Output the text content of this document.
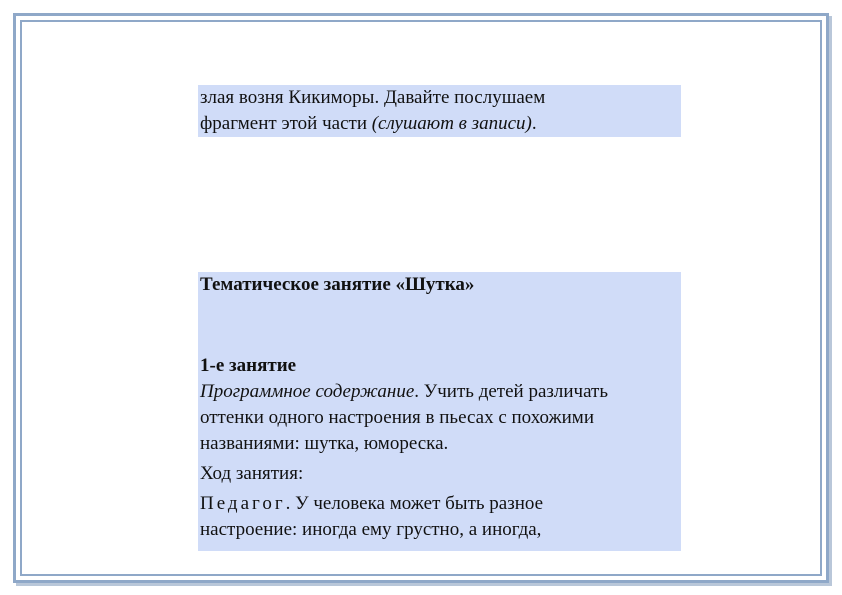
злая возня Кикиморы. Давайте послушаем
фрагмент этой части (слушают в записи).
Тематическое занятие «Шутка»
1-е занятие
Программное содержание. Учить детей различать
оттенки одного настроения в пьесах с похожими
названиями: шутка, юмореска.
Ход занятия:
Педагог. У человека может быть разное
настроение: иногда ему грустно, а иногда,
